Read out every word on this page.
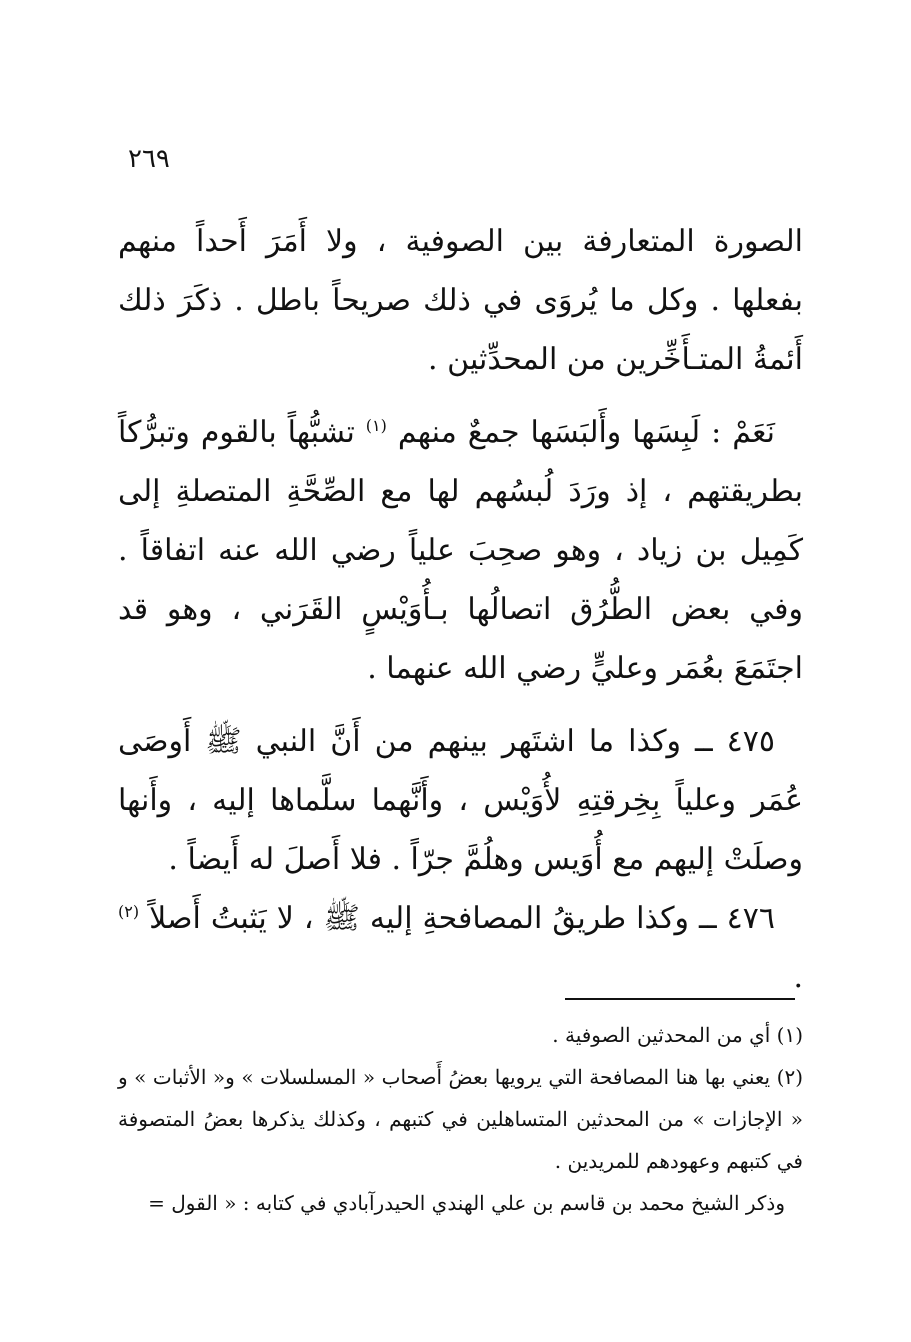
٢٦٩

الصورة المتعارفة بين الصوفية ، ولا أَمَرَ أَحداً منهم بفعلها . وكل ما يُروَى في ذلك صريحاً باطل . ذكَرَ ذلك أَئمةُ المتـأَخِّرين من المحدِّثين .

نَعَمْ : لَبِسَها وأَلبَسَها جمعٌ منهم $^{(١)}$ تشبُّهاً بالقوم وتبرُّكاً بطريقتهم ، إذ ورَدَ لُبسُهم لها مع الصِّحَّةِ المتصلةِ إلى كَمِيل بن زياد ، وهو صحِبَ علياً رضي الله عنه اتفاقاً . وفي بعض الطُّرُق اتصالُها بـأُوَيْسٍ القَرَني ، وهو قد اجتَمَعَ بعُمَر وعليٍّ رضي الله عنهما .

٤٧٥ ــ وكذا ما اشتَهر بينهم من أَنَّ النبي ﷺ أَوصَى عُمَر وعلياً بِخِرقتِهِ لأُوَيْس ، وأَنَّهما سلَّماها إليه ، وأَنها وصلَتْ إليهم مع أُوَيس وهلُمَّ جرّاً . فلا أَصلَ له أَيضاً .

٤٧٦ ــ وكذا طريقُ المصافحةِ إليه ﷺ ، لا يَثبتُ أَصلاً $^{(٢)}$ .

(١) أي من المحدثين الصوفية .

(٢) يعني بها هنا المصافحة التي يرويها بعضُ أَصحاب « المسلسلات » و« الأثبات » و « الإجازات » من المحدثين المتساهلين في كتبهم ، وكذلك يذكرها بعضُ المتصوفة في كتبهم وعهودهم للمريدين .

وذكر الشيخ محمد بن قاسم بن علي الهندي الحيدرآبادي في كتابه : « القول =
